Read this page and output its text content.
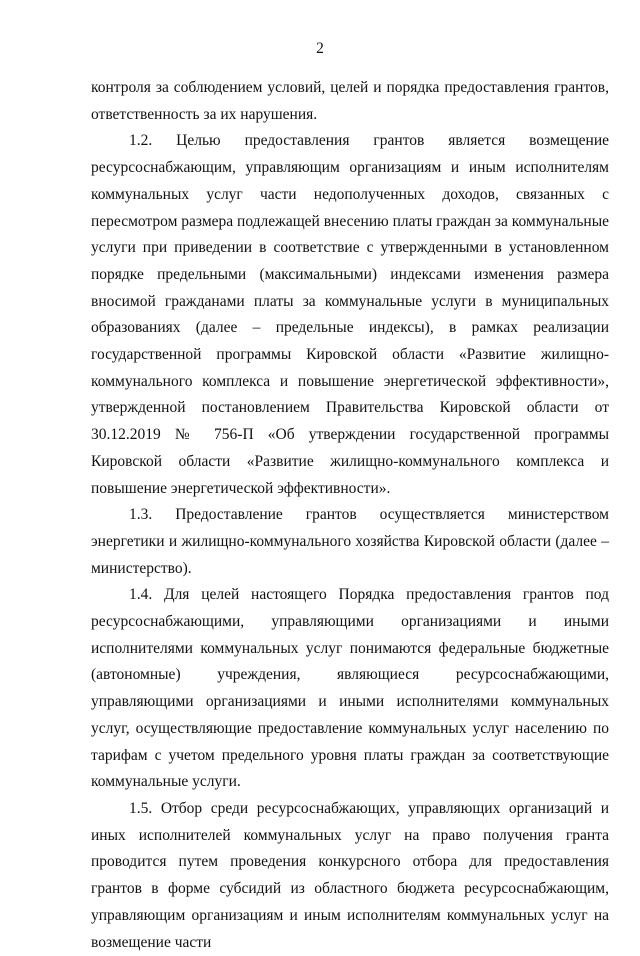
2

контроля за соблюдением условий, целей и порядка предоставления грантов, ответственность за их нарушения.

1.2. Целью предоставления грантов является возмещение ресурсоснабжающим, управляющим организациям и иным исполнителям коммунальных услуг части недополученных доходов, связанных с пересмотром размера подлежащей внесению платы граждан за коммунальные услуги при приведении в соответствие с утвержденными в установленном порядке предельными (максимальными) индексами изменения размера вносимой гражданами платы за коммунальные услуги в муниципальных образованиях (далее – предельные индексы), в рамках реализации государственной программы Кировской области «Развитие жилищно-коммунального комплекса и повышение энергетической эффективности», утвержденной постановлением Правительства Кировской области от 30.12.2019 № 756-П «Об утверждении государственной программы Кировской области «Развитие жилищно-коммунального комплекса и повышение энергетической эффективности».

1.3. Предоставление грантов осуществляется министерством энергетики и жилищно-коммунального хозяйства Кировской области (далее – министерство).

1.4. Для целей настоящего Порядка предоставления грантов под ресурсоснабжающими, управляющими организациями и иными исполнителями коммунальных услуг понимаются федеральные бюджетные (автономные) учреждения, являющиеся ресурсоснабжающими, управляющими организациями и иными исполнителями коммунальных услуг, осуществляющие предоставление коммунальных услуг населению по тарифам с учетом предельного уровня платы граждан за соответствующие коммунальные услуги.

1.5. Отбор среди ресурсоснабжающих, управляющих организаций и иных исполнителей коммунальных услуг на право получения гранта проводится путем проведения конкурсного отбора для предоставления грантов в форме субсидий из областного бюджета ресурсоснабжающим, управляющим организациям и иным исполнителям коммунальных услуг на возмещение части
